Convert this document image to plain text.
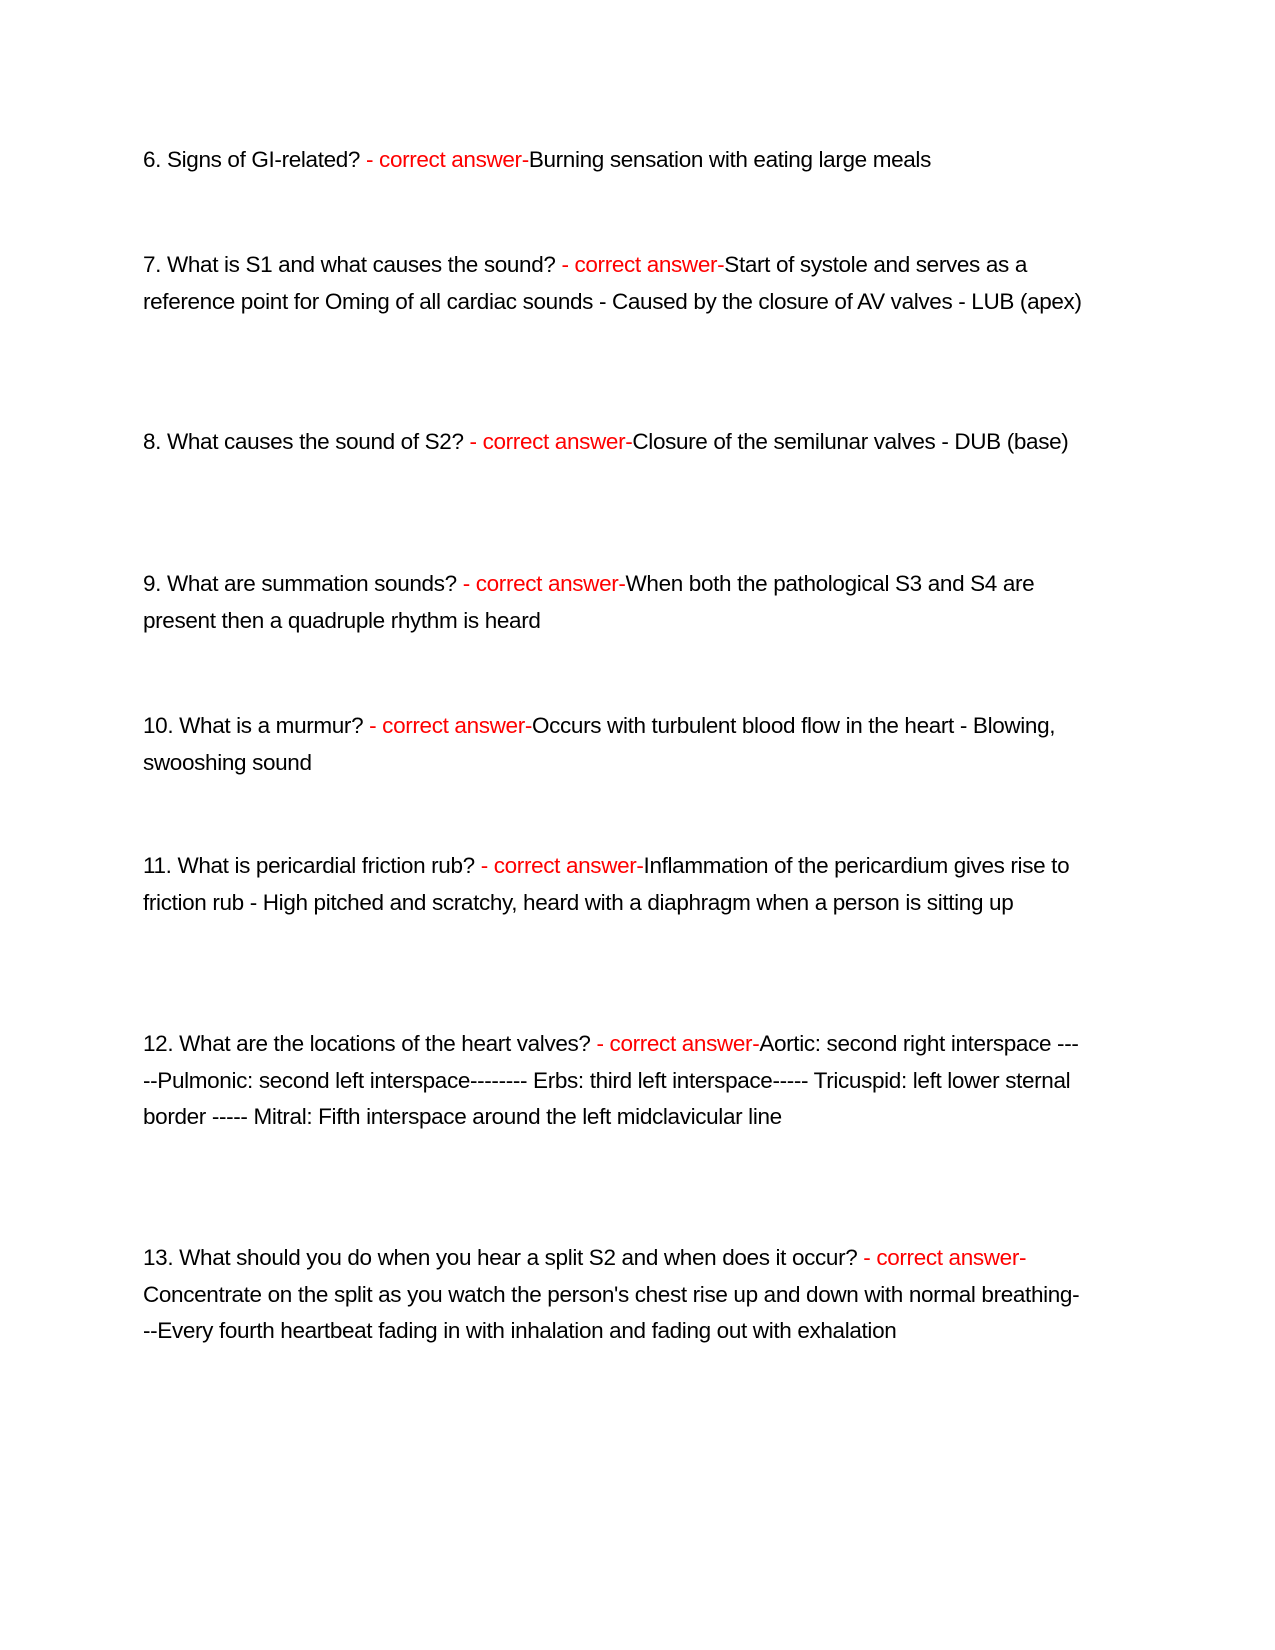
6. Signs of GI-related? - correct answer-Burning sensation with eating large meals

7. What is S1 and what causes the sound? - correct answer-Start of systole and serves as a reference point for Oming of all cardiac sounds - Caused by the closure of AV valves - LUB (apex)

8. What causes the sound of S2? - correct answer-Closure of the semilunar valves - DUB (base)

9. What are summation sounds? - correct answer-When both the pathological S3 and S4 are present then a quadruple rhythm is heard

10. What is a murmur? - correct answer-Occurs with turbulent blood flow in the heart - Blowing, swooshing sound

11. What is pericardial friction rub? - correct answer-Inflammation of the pericardium gives rise to friction rub - High pitched and scratchy, heard with a diaphragm when a person is sitting up

12. What are the locations of the heart valves? - correct answer-Aortic: second right interspace -----Pulmonic: second left interspace-------- Erbs: third left interspace----- Tricuspid: left lower sternal border ----- Mitral: Fifth interspace around the left midclavicular line

13. What should you do when you hear a split S2 and when does it occur? - correct answer-Concentrate on the split as you watch the person's chest rise up and down with normal breathing---Every fourth heartbeat fading in with inhalation and fading out with exhalation
